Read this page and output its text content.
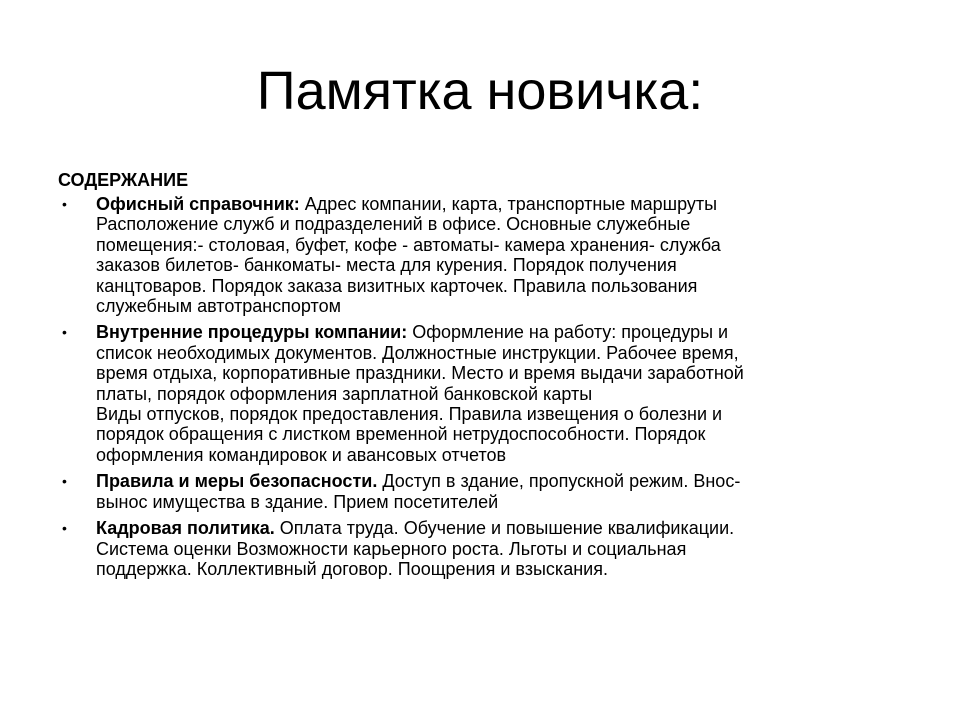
Памятка новичка:
СОДЕРЖАНИЕ
• Офисный справочник: Адрес компании, карта, транспортные маршруты
Расположение служб и подразделений в офисе. Основные служебные
помещения:- столовая, буфет, кофе - автоматы- камера хранения- служба
заказов билетов- банкоматы- места для курения. Порядок получения
канцтоваров. Порядок заказа визитных карточек. Правила пользования
служебным автотранспортом
• Внутренние процедуры компании: Оформление на работу: процедуры и
список необходимых документов. Должностные инструкции. Рабочее время,
время отдыха, корпоративные праздники. Место и время выдачи заработной
платы, порядок оформления зарплатной банковской карты
Виды отпусков, порядок предоставления. Правила извещения о болезни и
порядок обращения с листком временной нетрудоспособности. Порядок
оформления командировок и авансовых отчетов
• Правила и меры безопасности. Доступ в здание, пропускной режим. Внос-
вынос имущества в здание. Прием посетителей
• Кадровая политика. Оплата труда. Обучение и повышение квалификации.
Система оценки Возможности карьерного роста. Льготы и социальная
поддержка. Коллективный договор. Поощрения и взыскания.
